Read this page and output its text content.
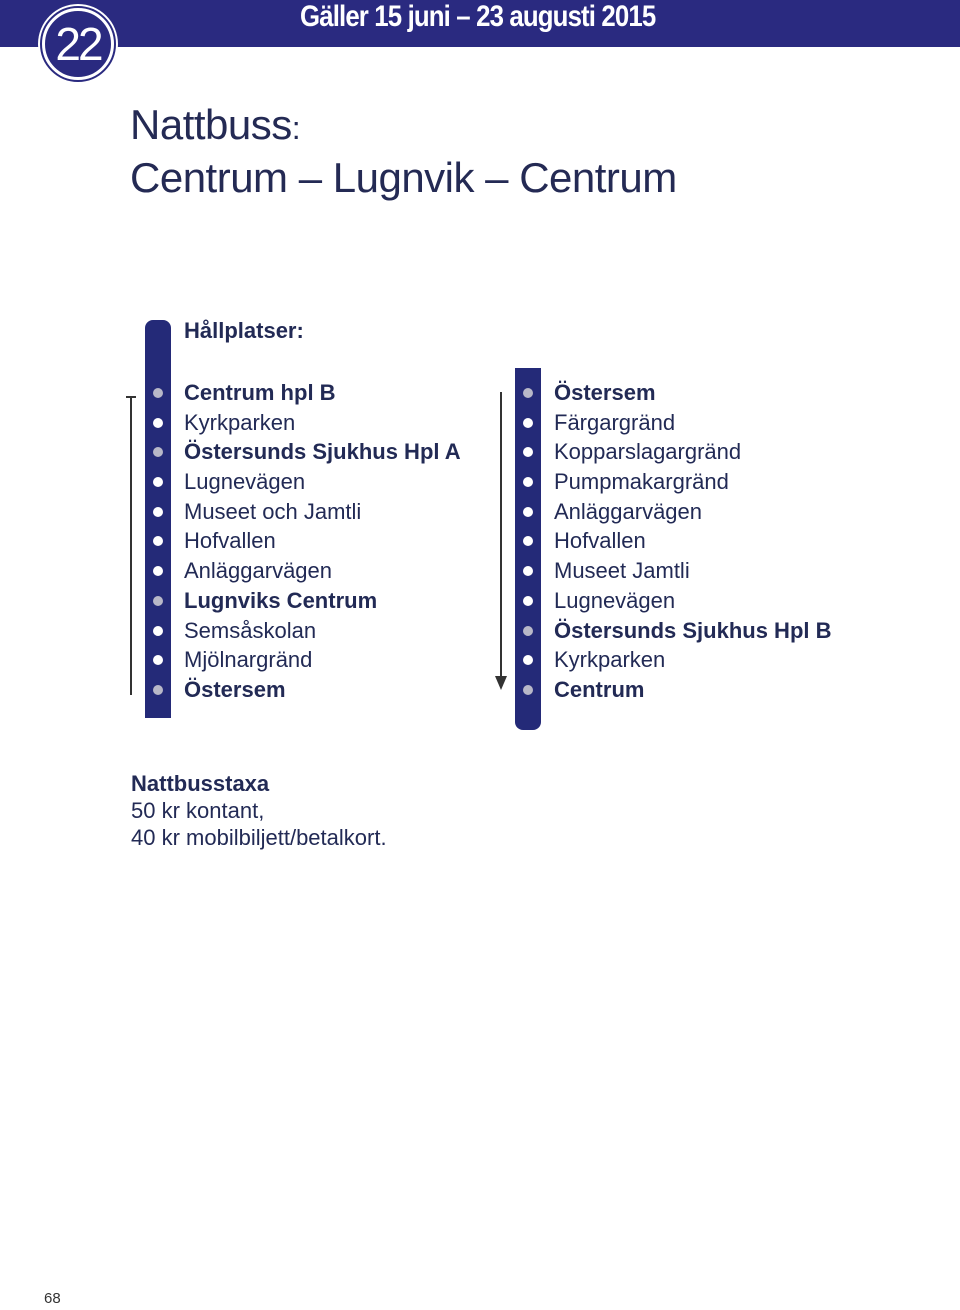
Gäller 15 juni – 23 augusti 2015
22
Nattbuss:
Centrum – Lugnvik – Centrum
Hållplatser:
Centrum hpl B
Kyrkparken
Östersunds Sjukhus Hpl A
Lugnevägen
Museet och Jamtli
Hofvallen
Anläggarvägen
Lugnviks Centrum
Semsåskolan
Mjölnargränd
Östersem
Östersem
Färgargränd
Kopparslagargränd
Pumpmakargränd
Anläggarvägen
Hofvallen
Museet Jamtli
Lugnevägen
Östersunds Sjukhus Hpl B
Kyrkparken
Centrum
Nattbusstaxa
50 kr kontant,
40 kr mobilbiljett/betalkort.
68
